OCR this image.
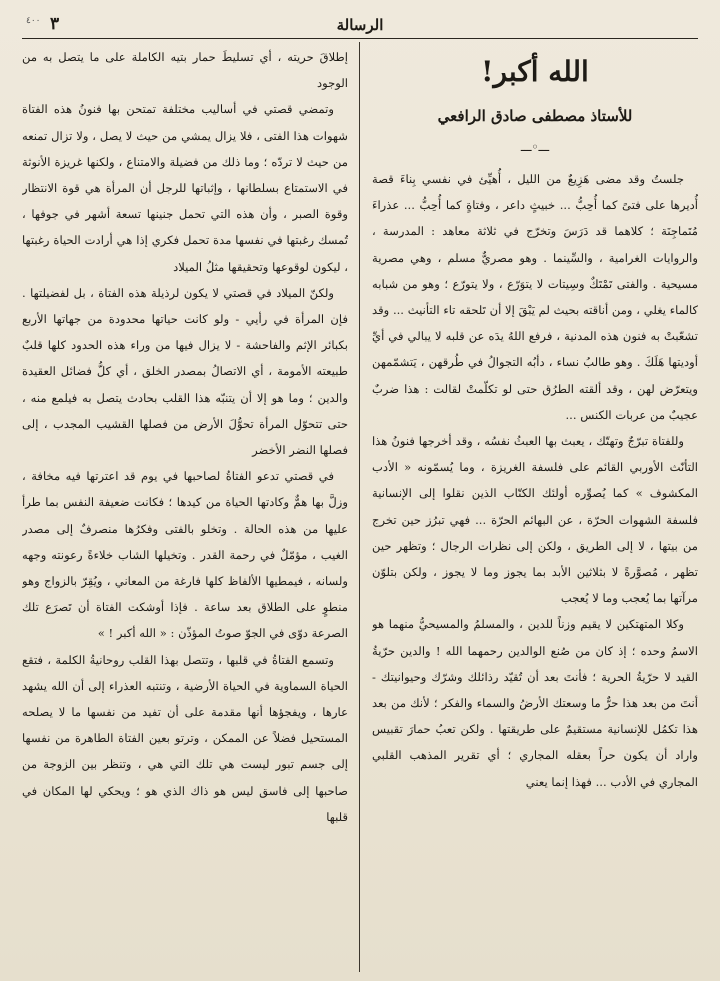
٤٠٠ ٣	الرسالة
الله أكبر!
للأستاذ مصطفى صادق الرافعي
ـــ◦ـــ

جلستُ وقد مضى هَزِيعٌ من الليل ، أُهيِّئ في نفسي بِناءَ قصة أُديرها على فتىً كما أُحِبُّ ... خبيثٍ داعر ، وفتاةٍ كما أُحِبُّ ... عذراءَ مُتَماجِنَة ؛ كلاهما قد دَرَسَ وتخرّج في ثلاثة معاهد : المدرسة ، والروايات الغرامية ، والسِّينما . وهو مصريٌّ مسلم ، وهي مصرية مسيحية . والفتى تَمْتَكٌ وسِيتات لا يتوَرّع ، ولا يتورّع ؛ وهو من شبابه كالماء يغلي ، ومن أناقته بحيث لم يَبْقَ إلا أن تَلحقه تاء التأنيث ... وقد تشعّبتْ به فنون هذه المدنية ، فرفع اللهُ يدَه عن قلبه لا يبالي في أيِّ أوديتها هَلَكَ . وهو طالبُ نساء ، دأبُه التجوالُ في طُرقهن ، يَتشمّمهن ويتعرّض لهن ، وقد ألقته الطرُق حتى لو تكلّمتْ لقالت : هذا ضربٌ عجيبٌ من عربات الكنس ...

وللفتاة تبرّجٌ وتهتّك ، يعبث بها العبثُ نفسُه ، وقد أخرجها فنونُ هذا التأنّث الأوربي القائم على فلسفة الغريزة ، وما يُسمّونه « الأدب المكشوف » كما يُصوِّره أولئك الكتّاب الذين نقلوا إلى الإنسانية فلسفة الشهوات الحرّة ، عن البهائم الحرّة ... فهي تبرُز حين تخرج من بيتها ، لا إلى الطريق ، ولكن إلى نظرات الرجال ؛ وتظهر حين تظهر ، مُصوَّرةً لا بثلاثين الأبد بما يجوز وما لا يجوز ، ولكن بتلوّن مرآتها بما يُعجب وما لا يُعجب

وكلا المتهتكين لا يقيم وزناً للدين ، والمسلمُ والمسيحيُّ منهما هو الاسمُ وحده ؛ إذ كان من صُنع الوالدين رحمهما الله ! والدين حرّيةُ القيد لا حرّيةُ الحرية ؛ فأنتَ بعد أن تُقيّد رذائلك وشرّك وحيوانيتك - أنتَ من بعد هذا حرٌّ ما وسعتك الأرضُ والسماء والفكر ؛ لأنك من بعد هذا تكمُل للإنسانية مستقيمٌ على طريقتها . ولكن تعبُ حمارَ تقبيس واراد أن يكون حراً بعقله المجاري ؛ أي تقرير المذهب القلبي المجاري في الأدب ... فهذا إنما يعني

إطلاقَ حريته ، أي تسليطَ حمار بتيه الكاملة على ما يتصل به من الوجود

وتمضي قصتي في أساليب مختلفة تمتحن بها فنونُ هذه الفتاة شهوات هذا الفتى ، فلا يزال يمشي من حيث لا يصل ، ولا تزال تمنعه من حيث لا تردّه ؛ وما ذلك من فضيلة والامتناع ، ولكنها غريزة الأنوثة في الاستمتاع بسلطانها ، وإثباتها للرجل أن المرأة هي قوة الانتظار وقوة الصبر ، وأن هذه التي تحمل جنينها تسعة أشهر في جوفها ، تُمسك رغبتها في نفسها مدة تحمل فكري إذا هي أرادت الحياة رغبتها ، ليكون لوقوعها وتحقيقها مثلُ الميلاد

ولكنّ الميلاد في قصتي لا يكون لرذيلة هذه الفتاة ، بل لفضيلتها . فإن المرأة في رأيي - ولو كانت حياتها محدودة من جهاتها الأربع بكبائر الإثم والفاحشة - لا يزال فيها من وراء هذه الحدود كلها قلبٌ طبيعته الأمومة ، أي الاتصالُ بمصدر الخلق ، أي كلُّ فضائل العقيدة والدين ؛ وما هو إلا أن يتنبّه هذا القلب بحادث يتصل به فيلمع منه ، حتى تتحوّل المرأة تحوُّلَ الأرض من فصلها القشيب المجدب ، إلى فصلها النضر الأخضر

في قصتي تدعو الفتاةُ لصاحبها في يوم قد اعترتها فيه مخافة ، وزلَّ بها همٌّ وكادتها الحياة من كيدها ؛ فكانت ضعيفة النفس بما طرأ عليها من هذه الحالة . وتخلو بالفتى وفكرُها منصرفٌ إلى مصدر الغيب ، مؤمّلٌ في رحمة القدر . وتخيلها الشاب خلاءةً رعونته وجهه ولسانه ، فيمطيها الألفاظ كلها فارغة من المعاني ، ويُقِرّ بالزواج وهو منطوٍ على الطلاق بعد ساعة . فإذا أوشكت الفتاة أن تَصرَع تلك الصرعة دوّى في الجوّ صوتُ المؤذّن : « الله أكبر ! »

وتسمع الفتاةُ في قلبها ، وتتصل بهذا القلب روحانيةُ الكلمة ، فتقع الحياة السماوية في الحياة الأرضية ، وتنتبه العذراء إلى أن الله يشهد عارها ، ويفجؤها أنها مقدمة على أن تفيد من نفسها ما لا يصلحه المستحيل فضلاً عن الممكن ، وترتو بعين الفتاة الطاهرة من نفسها إلى جسم تبور ليست هي تلك التي هي ، وتنظر بين الزوجة من صاحبها إلى فاسق ليس هو ذاك الذي هو ؛ ويحكي لها المكان في قلبها
